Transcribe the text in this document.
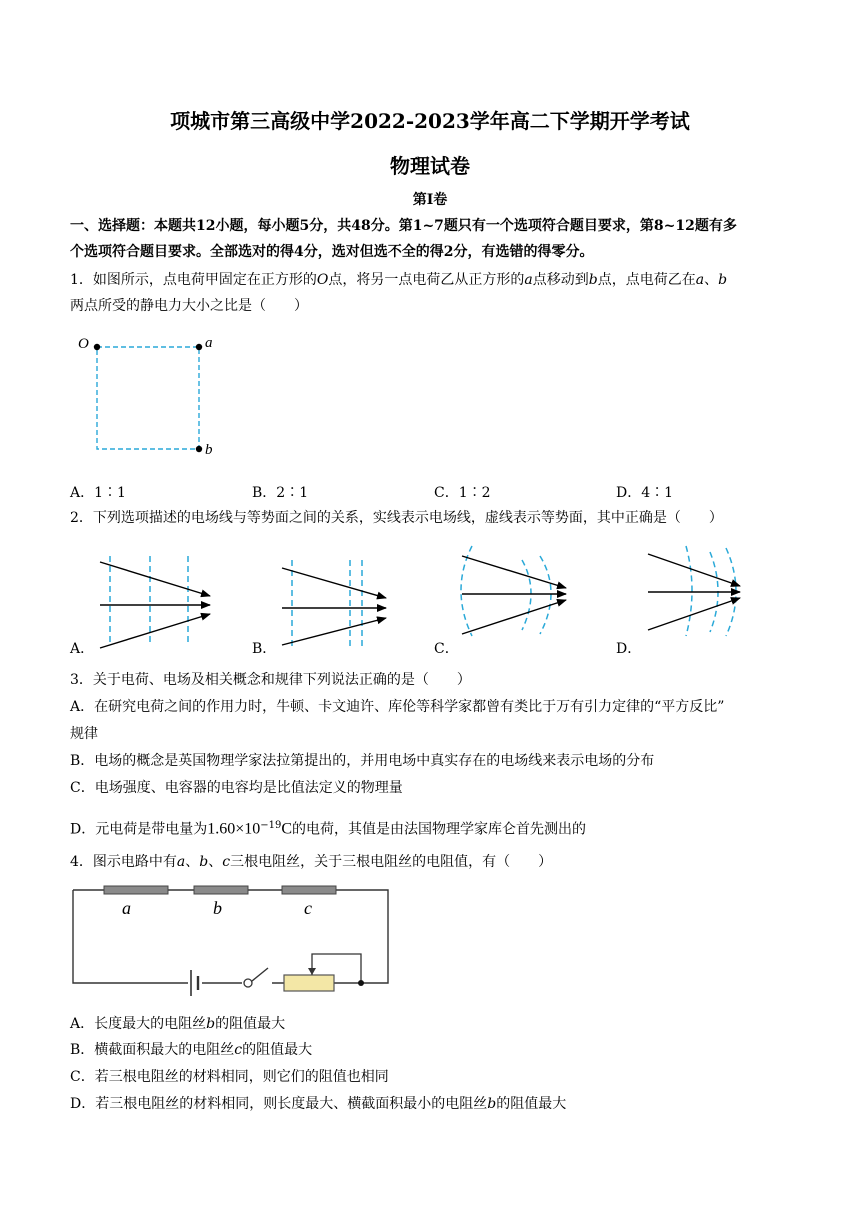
项城市第三高级中学2022-2023学年高二下学期开学考试
物理试卷
第Ⅰ卷
一、选择题：本题共12小题，每小题5分，共48分。第1~7题只有一个选项符合题目要求，第8~12题有多
个选项符合题目要求。全部选对的得4分，选对但选不全的得2分，有选错的得零分。
1．如图所示，点电荷甲固定在正方形的O点，将另一点电荷乙从正方形的a点移动到b点，点电荷乙在a、b
两点所受的静电力大小之比是（　　）
O	a
b
A．1∶1	B．2∶1	C．1∶2	D．4∶1
2．下列选项描述的电场线与等势面之间的关系，实线表示电场线，虚线表示等势面，其中正确是（　　）
A．	B．	C．	D．
3．关于电荷、电场及相关概念和规律下列说法正确的是（　　）
A．在研究电荷之间的作用力时，牛顿、卡文迪许、库伦等科学家都曾有类比于万有引力定律的“平方反比”
规律
B．电场的概念是英国物理学家法拉第提出的，并用电场中真实存在的电场线来表示电场的分布
C．电场强度、电容器的电容均是比值法定义的物理量
D．元电荷是带电量为$1.60\times 10^{-19}C$的电荷，其值是由法国物理学家库仑首先测出的
4．图示电路中有a、b、c三根电阻丝，关于三根电阻丝的电阻值，有（　　）
a	b	c
A．长度最大的电阻丝b的阻值最大
B．横截面积最大的电阻丝c的阻值最大
C．若三根电阻丝的材料相同，则它们的阻值也相同
D．若三根电阻丝的材料相同，则长度最大、横截面积最小的电阻丝b的阻值最大
